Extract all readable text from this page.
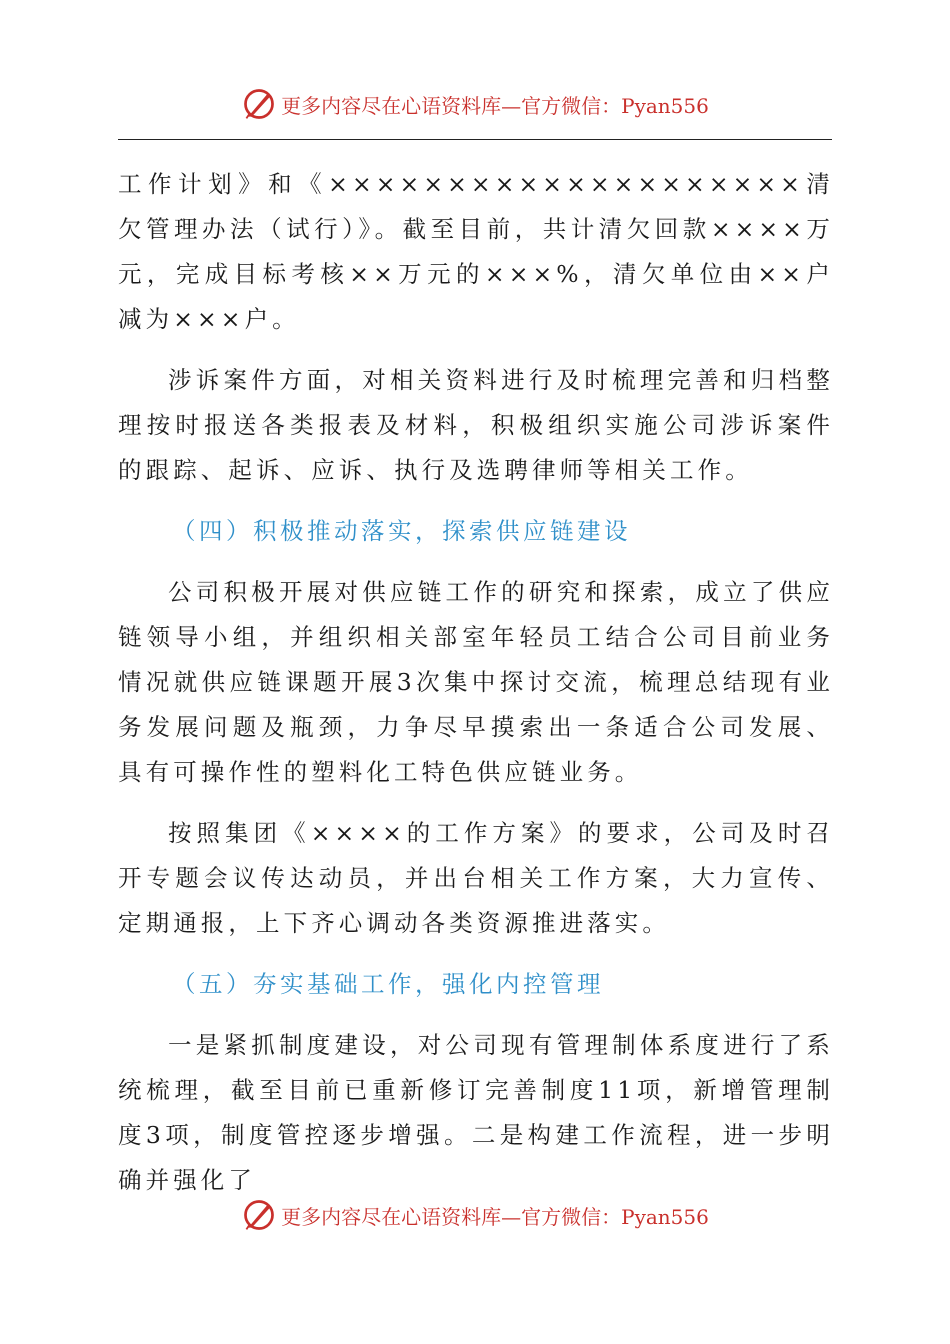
更多内容尽在心语资料库—官方微信：Pyan556

工作计划》和《××××××××××××××××××××清欠管理办法（试行）》。截至目前，共计清欠回款××××万元，完成目标考核××万元的×××%，清欠单位由××户减为×××户。

涉诉案件方面，对相关资料进行及时梳理完善和归档整理按时报送各类报表及材料，积极组织实施公司涉诉案件的跟踪、起诉、应诉、执行及选聘律师等相关工作。

（四）积极推动落实，探索供应链建设

公司积极开展对供应链工作的研究和探索，成立了供应链领导小组，并组织相关部室年轻员工结合公司目前业务情况就供应链课题开展3次集中探讨交流，梳理总结现有业务发展问题及瓶颈，力争尽早摸索出一条适合公司发展、具有可操作性的塑料化工特色供应链业务。

按照集团《××××的工作方案》的要求，公司及时召开专题会议传达动员，并出台相关工作方案，大力宣传、定期通报，上下齐心调动各类资源推进落实。

（五）夯实基础工作，强化内控管理

一是紧抓制度建设，对公司现有管理制体系度进行了系统梳理，截至目前已重新修订完善制度11项，新增管理制度3项，制度管控逐步增强。二是构建工作流程，进一步明确并强化了

更多内容尽在心语资料库—官方微信：Pyan556
